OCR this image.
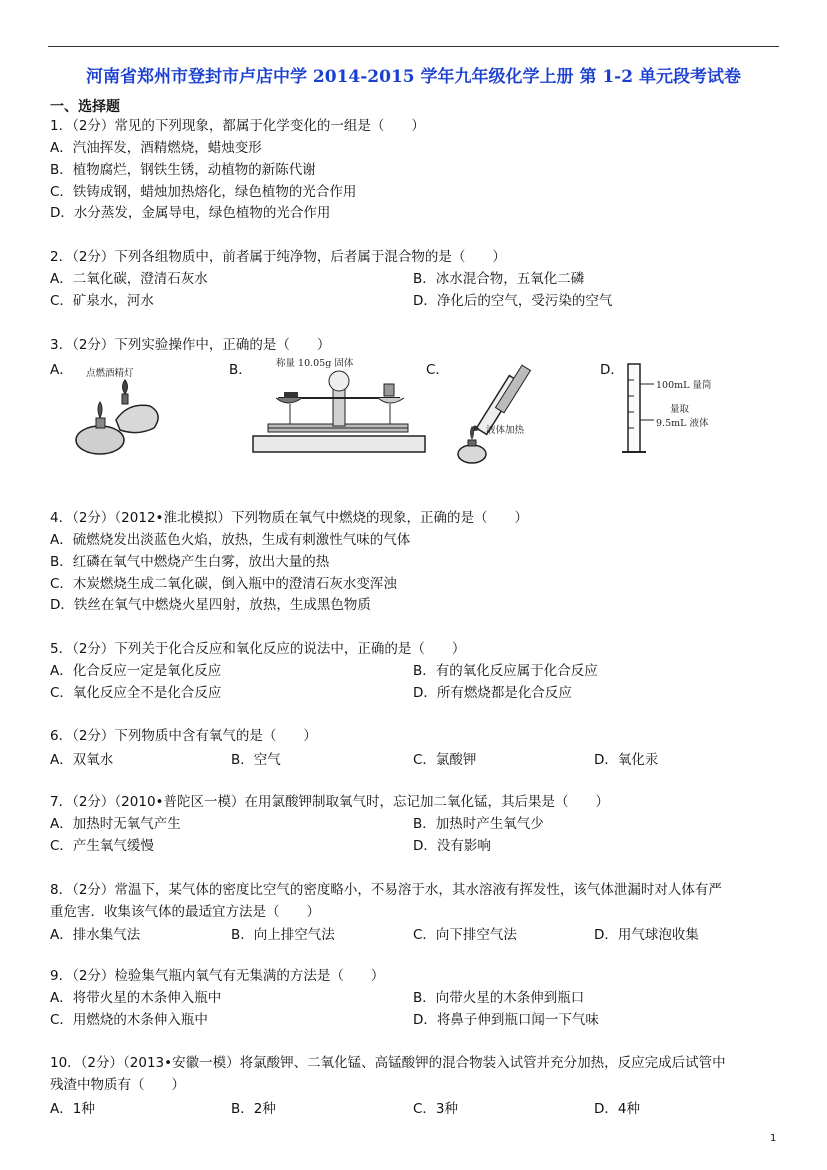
河南省郑州市登封市卢店中学 2014-2015 学年九年级化学上册 第 1-2 单元段考试卷
一、选择题
1．（2分）常见的下列现象，都属于化学变化的一组是（　　）
A．汽油挥发，酒精燃烧，蜡烛变形
B．植物腐烂，钢铁生锈，动植物的新陈代谢
C．铁铸成钢，蜡烛加热熔化，绿色植物的光合作用
D．水分蒸发，金属导电，绿色植物的光合作用
2．（2分）下列各组物质中，前者属于纯净物，后者属于混合物的是（　　）
A．二氧化碳，澄清石灰水	B．冰水混合物，五氧化二磷
C．矿泉水，河水	D．净化后的空气，受污染的空气
3．（2分）下列实验操作中，正确的是（　　）
A．	B．	C．	D．
点燃酒精灯
称量 10.05g 固体
液体加热
100mL 量筒
量取
9.5mL 液体
4．（2分）（2012•淮北模拟）下列物质在氧气中燃烧的现象，正确的是（　　）
A．硫燃烧发出淡蓝色火焰，放热，生成有刺激性气味的气体
B．红磷在氧气中燃烧产生白雾，放出大量的热
C．木炭燃烧生成二氧化碳，倒入瓶中的澄清石灰水变浑浊
D．铁丝在氧气中燃烧火星四射，放热，生成黑色物质
5．（2分）下列关于化合反应和氧化反应的说法中，正确的是（　　）
A．化合反应一定是氧化反应	B．有的氧化反应属于化合反应
C．氧化反应全不是化合反应	D．所有燃烧都是化合反应
6．（2分）下列物质中含有氧气的是（　　）
A．双氧水	B．空气	C．氯酸钾	D．氧化汞
7．（2分）（2010•普陀区一模）在用氯酸钾制取氧气时，忘记加二氧化锰，其后果是（　　）
A．加热时无氧气产生	B．加热时产生氧气少
C．产生氧气缓慢	D．没有影响
8．（2分）常温下，某气体的密度比空气的密度略小，不易溶于水，其水溶液有挥发性，该气体泄漏时对人体有严
重危害．收集该气体的最适宜方法是（　　）
A．排水集气法	B．向上排空气法	C．向下排空气法	D．用气球泡收集
9．（2分）检验集气瓶内氧气有无集满的方法是（　　）
A．将带火星的木条伸入瓶中	B．向带火星的木条伸到瓶口
C．用燃烧的木条伸入瓶中	D．将鼻子伸到瓶口闻一下气味
10．（2分）（2013•安徽一模）将氯酸钾、二氧化锰、高锰酸钾的混合物装入试管并充分加热，反应完成后试管中
残渣中物质有（　　）
A．1种	B．2种	C．3种	D．4种
1
